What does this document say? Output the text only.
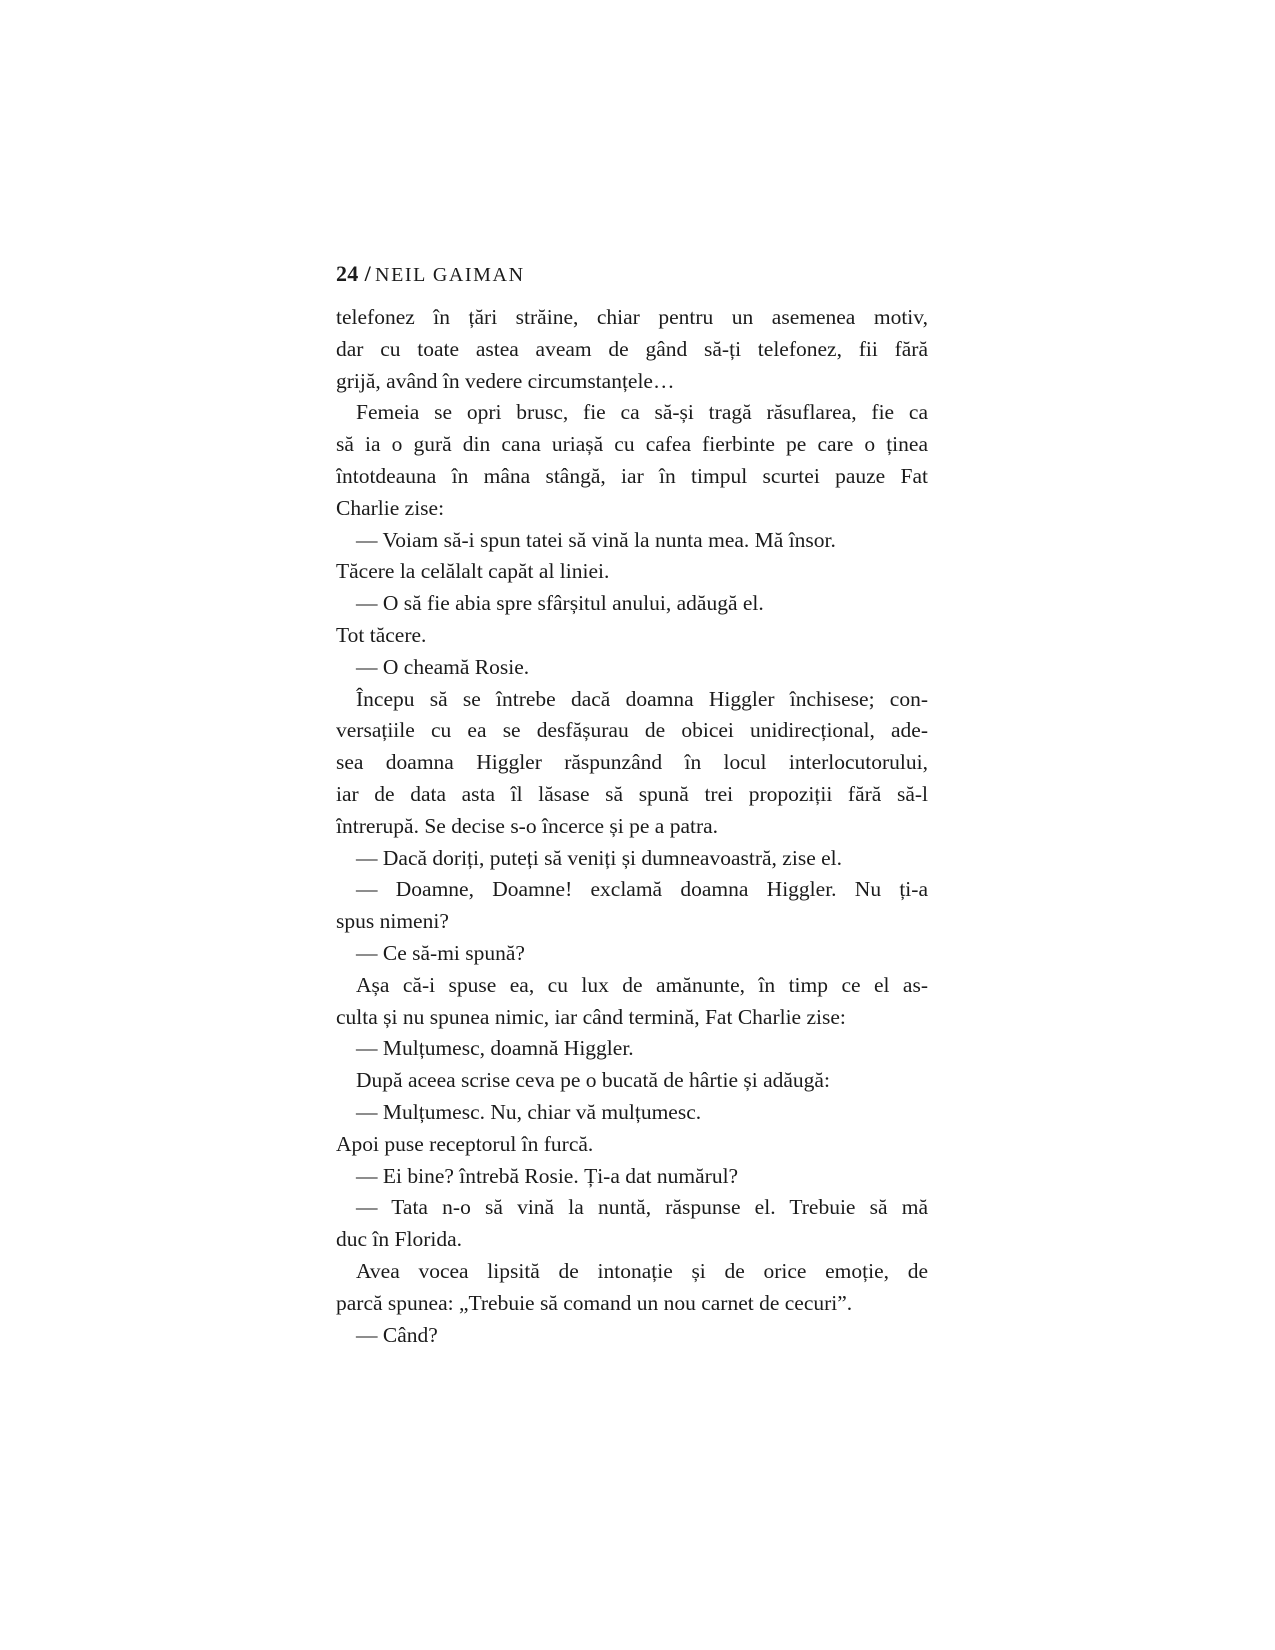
24 / NEIL GAIMAN
telefonez în țări străine, chiar pentru un asemenea motiv,
dar cu toate astea aveam de gând să-ți telefonez, fii fără
grijă, având în vedere circumstanțele…
Femeia se opri brusc, fie ca să-și tragă răsuflarea, fie ca
să ia o gură din cana uriașă cu cafea fierbinte pe care o ținea
întotdeauna în mâna stângă, iar în timpul scurtei pauze Fat
Charlie zise:
— Voiam să-i spun tatei să vină la nunta mea. Mă însor.
Tăcere la celălalt capăt al liniei.
— O să fie abia spre sfârșitul anului, adăugă el.
Tot tăcere.
— O cheamă Rosie.
Începu să se întrebe dacă doamna Higgler închisese; con-
versațiile cu ea se desfășurau de obicei unidirecțional, ade-
sea doamna Higgler răspunzând în locul interlocutorului,
iar de data asta îl lăsase să spună trei propoziții fără să-l
întrerupă. Se decise s-o încerce și pe a patra.
— Dacă doriți, puteți să veniți și dumneavoastră, zise el.
— Doamne, Doamne! exclamă doamna Higgler. Nu ți-a
spus nimeni?
— Ce să-mi spună?
Așa că-i spuse ea, cu lux de amănunte, în timp ce el as-
culta și nu spunea nimic, iar când termină, Fat Charlie zise:
— Mulțumesc, doamnă Higgler.
După aceea scrise ceva pe o bucată de hârtie și adăugă:
— Mulțumesc. Nu, chiar vă mulțumesc.
Apoi puse receptorul în furcă.
— Ei bine? întrebă Rosie. Ți-a dat numărul?
— Tata n-o să vină la nuntă, răspunse el. Trebuie să mă
duc în Florida.
Avea vocea lipsită de intonație și de orice emoție, de
parcă spunea: „Trebuie să comand un nou carnet de cecuri”.
— Când?
